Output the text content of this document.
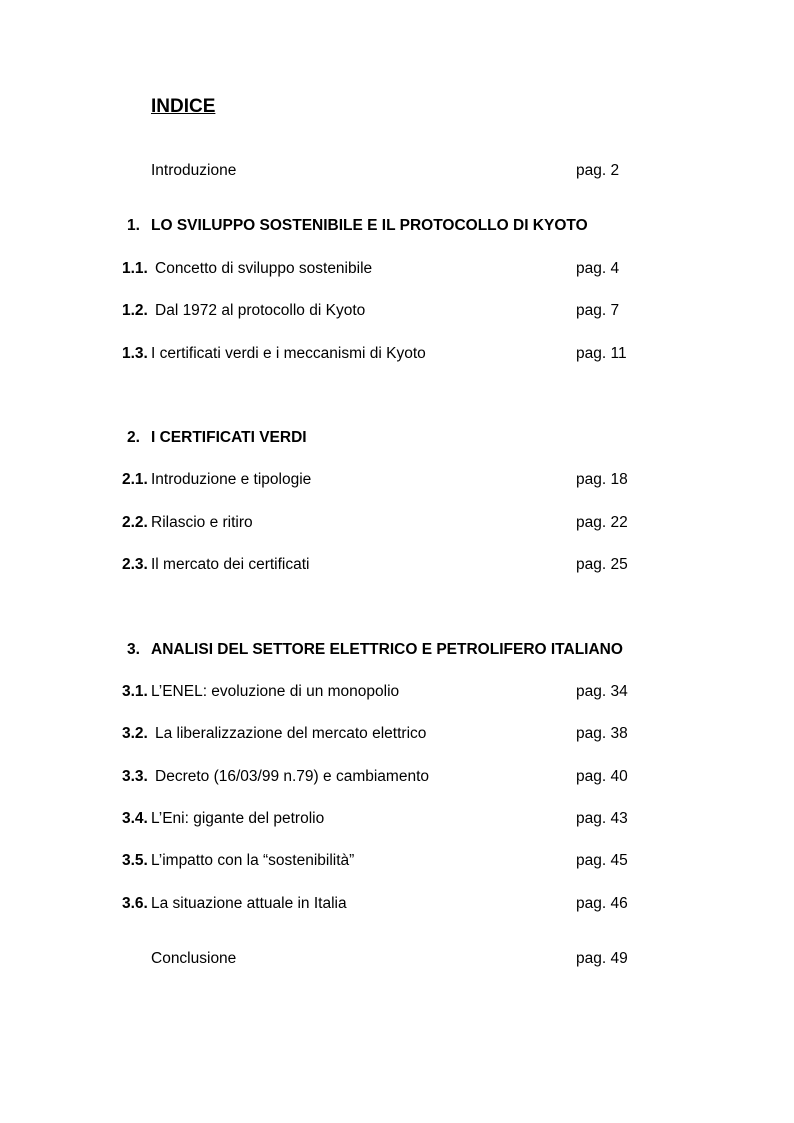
INDICE
Introduzione	pag. 2
1. LO SVILUPPO SOSTENIBILE E IL PROTOCOLLO DI KYOTO
1.1. Concetto di sviluppo sostenibile	pag. 4
1.2. Dal 1972 al protocollo di Kyoto	pag. 7
1.3. I certificati verdi e i meccanismi di Kyoto	pag. 11
2. I CERTIFICATI VERDI
2.1. Introduzione e tipologie	pag. 18
2.2. Rilascio e ritiro	pag. 22
2.3. Il mercato dei certificati	pag. 25
3. ANALISI DEL SETTORE ELETTRICO E PETROLIFERO ITALIANO
3.1. L’ENEL: evoluzione di un monopolio	pag. 34
3.2. La liberalizzazione del mercato elettrico	pag. 38
3.3. Decreto (16/03/99 n.79) e cambiamento	pag. 40
3.4. L’Eni: gigante del petrolio	pag. 43
3.5. L’impatto con la “sostenibilità”	pag. 45
3.6. La situazione attuale in Italia	pag. 46
Conclusione	pag. 49
